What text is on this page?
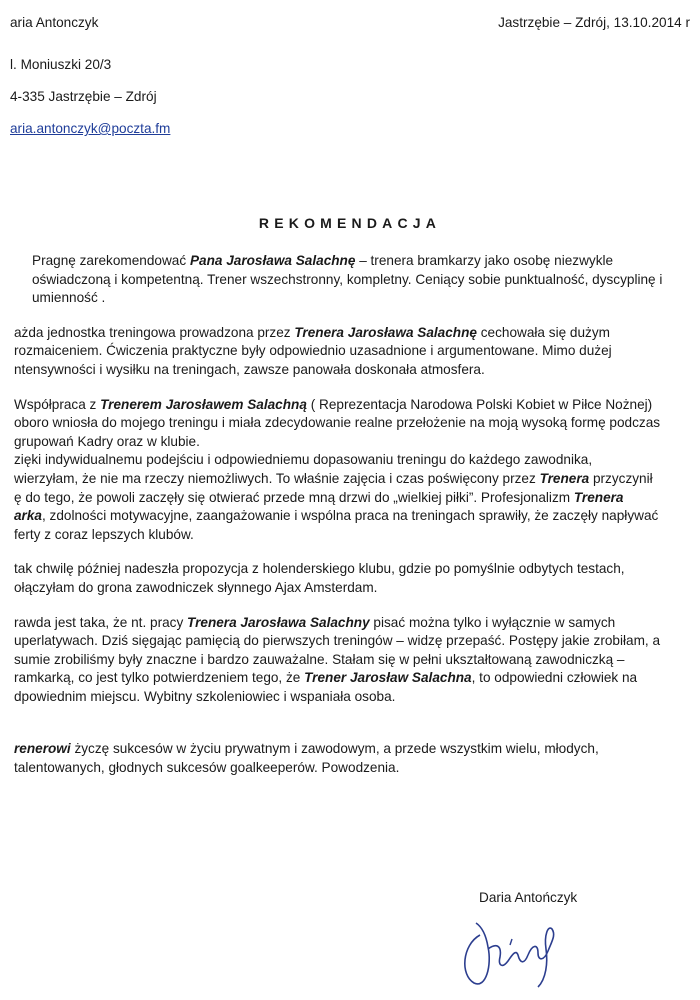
aria Antonczyk
l. Moniuszki 20/3
4-335 Jastrzębie – Zdrój
aria.antonczyk@poczta.fm
Jastrzębie – Zdrój, 13.10.2014 r
REKOMENDACJA
Pragnę zarekomendować Pana Jarosława Salachnę – trenera bramkarzy jako osobę niezwykle
oświadczoną i kompetentną. Trener wszechstronny, kompletny. Ceniący sobie punktualność, dyscyplinę i
umienność .
ażda jednostka treningowa prowadzona przez Trenera Jarosława Salachnę cechowała się dużym
rozmaiceniem. Ćwiczenia praktyczne były odpowiednio uzasadnione i argumentowane. Mimo dużej
ntensywności i wysiłku na treningach, zawsze panowała doskonała atmosfera.
Współpraca z Trenerem Jarosławem Salachną ( Reprezentacja Narodowa Polski Kobiet w Piłce Nożnej)
oboro wniosła do mojego treningu i miała zdecydowanie realne przełożenie na moją wysoką formę podczas
grupowań Kadry oraz w klubie.
zięki indywidualnemu podejściu i odpowiedniemu dopasowaniu treningu do każdego zawodnika,
wierzyłam, że nie ma rzeczy niemożliwych. To właśnie zajęcia i czas poświęcony przez Trenera przyczynił
ę do tego, że powoli zaczęły się otwierać przede mną drzwi do „wielkiej piłki”. Profesjonalizm Trenera
arka, zdolności motywacyjne, zaangażowanie i wspólna praca na treningach sprawiły, że zaczęły napływać
ferty z coraz lepszych klubów.
tak chwilę później nadeszła propozycja z holenderskiego klubu, gdzie po pomyślnie odbytych testach,
ołączyłam do grona zawodniczek słynnego Ajax Amsterdam.
rawda jest taka, że nt. pracy Trenera Jarosława Salachny pisać można tylko i wyłącznie w samych
uperlatywach. Dziś sięgając pamięcią do pierwszych treningów – widzę przepaść. Postępy jakie zrobiłam, a
sumie zrobiliśmy były znaczne i bardzo zauważalne. Stałam się w pełni ukształtowaną zawodniczką –
ramkarką, co jest tylko potwierdzeniem tego, że Trener Jarosław Salachna, to odpowiedni człowiek na
dpowiednim miejscu. Wybitny szkoleniowiec i wspaniała osoba.
renerowi życzę sukcesów w życiu prywatnym i zawodowym, a przede wszystkim wielu, młodych,
talentowanych, głodnych sukcesów goalkeeperów. Powodzenia.
Daria Antończyk
